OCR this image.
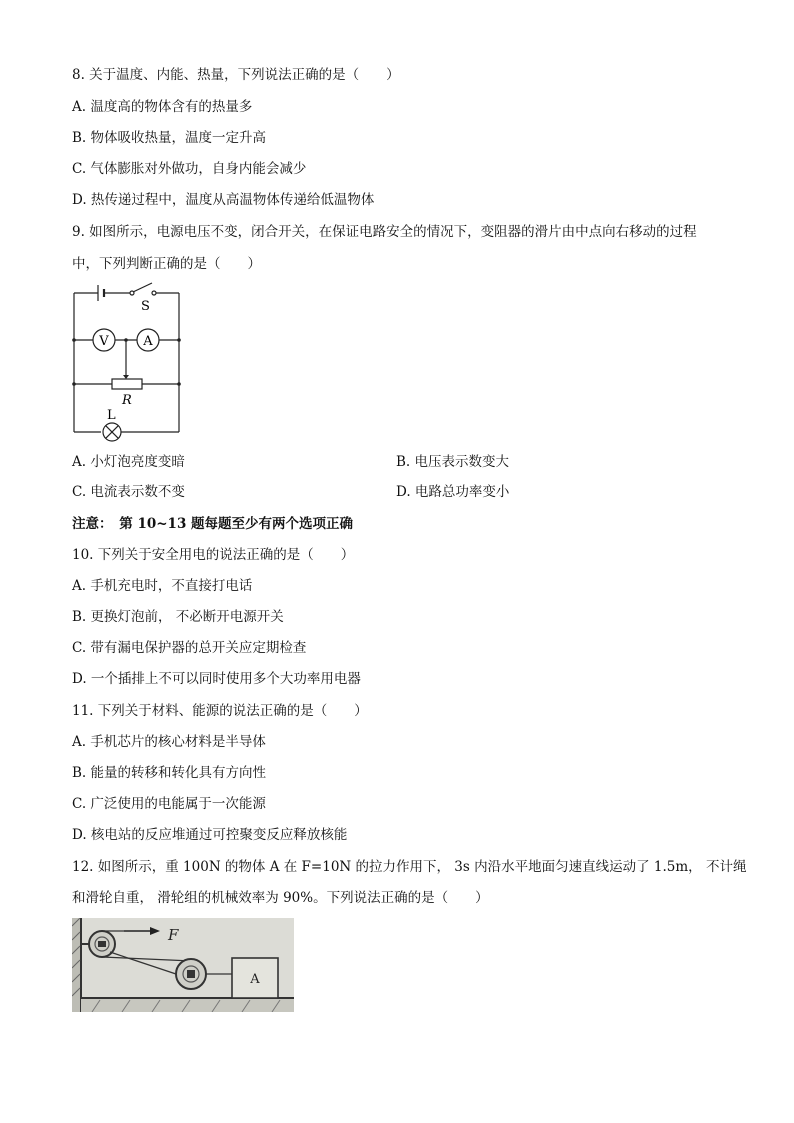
8. 关于温度、内能、热量，下列说法正确的是（　　）
A. 温度高的物体含有的热量多
B. 物体吸收热量，温度一定升高
C. 气体膨胀对外做功，自身内能会减少
D. 热传递过程中，温度从高温物体传递给低温物体
9. 如图所示，电源电压不变，闭合开关，在保证电路安全的情况下，变阻器的滑片由中点向右移动的过程
中，下列判断正确的是（　　）
S
V	A
R
L
A. 小灯泡亮度变暗	B. 电压表示数变大
C. 电流表示数不变	D. 电路总功率变小
注意：　第 10~13 题每题至少有两个选项正确
10. 下列关于安全用电的说法正确的是（　　）
A. 手机充电时，不直接打电话
B. 更换灯泡前， 不必断开电源开关
C. 带有漏电保护器的总开关应定期检查
D. 一个插排上不可以同时使用多个大功率用电器
11. 下列关于材料、能源的说法正确的是（　　）
A. 手机芯片的核心材料是半导体
B. 能量的转移和转化具有方向性
C. 广泛使用的电能属于一次能源
D. 核电站的反应堆通过可控聚变反应释放核能
12. 如图所示，重 100N 的物体 A 在 F=10N 的拉力作用下， 3s 内沿水平地面匀速直线运动了 1.5m， 不计绳
和滑轮自重， 滑轮组的机械效率为 90%。下列说法正确的是（　　）
F
A
